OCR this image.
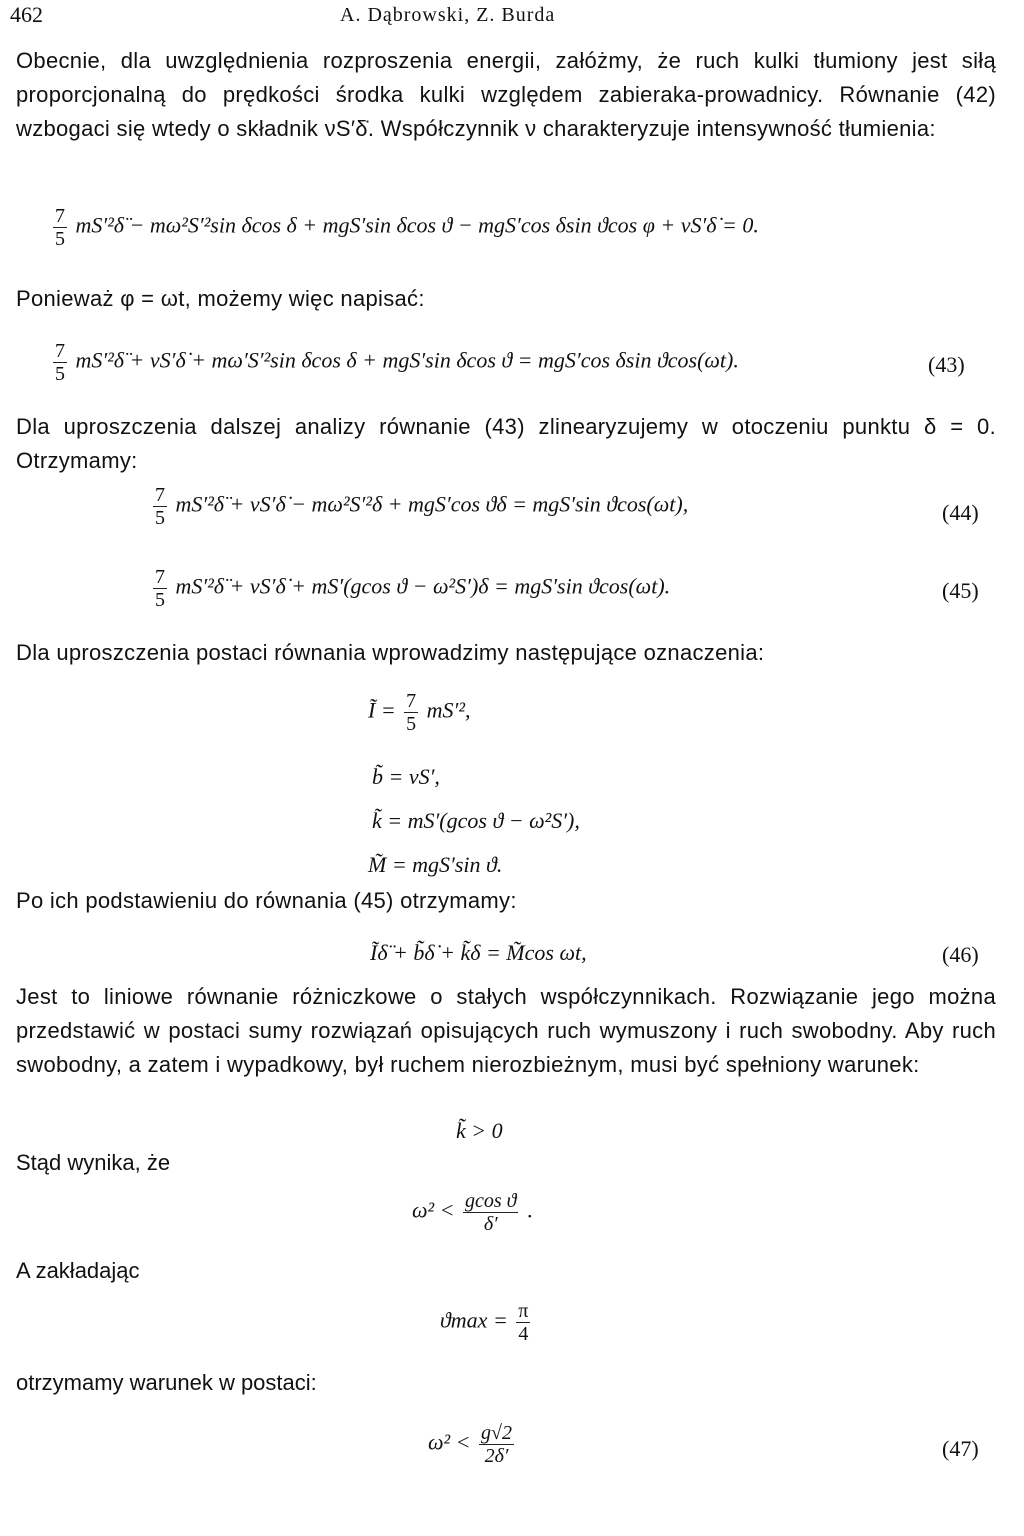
462	A. Dąbrowski, Z. Burda

Obecnie, dla uwzględnienia rozproszenia energii, załóżmy, że ruch kulki tłumiony jest siłą proporcjonalną do prędkości środka kulki względem zabieraka-prowadnicy. Równanie (42) wzbogaci się wtedy o składnik νS′δ̇. Współczynnik ν charakteryzuje intensywność tłumienia:

$\frac{7}{5}$ mS′²δ̈ − mω²S′²sin δcos δ + mgS′sin δcos ϑ − mgS′cos δsin ϑcos φ + νS′δ̇ = 0.

Ponieważ φ = ωt, możemy więc napisać:

$\frac{7}{5}$ mS′²δ̈ + νS′δ̇ + mω′S′²sin δcos δ + mgS′sin δcos ϑ = mgS′cos δsin ϑcos(ωt).	(43)

Dla uproszczenia dalszej analizy równanie (43) zlinearyzujemy w otoczeniu punktu δ = 0. Otrzymamy:

$\frac{7}{5}$ mS′²δ̈ + νS′δ̇ − mω²S′²δ + mgS′cos ϑδ = mgS′sin ϑcos(ωt),	(44)
$\frac{7}{5}$ mS′²δ̈ + νS′δ̇ + mS′(gcos ϑ − ω²S′)δ = mgS′sin ϑcos(ωt).	(45)

Dla uproszczenia postaci równania wprowadzimy następujące oznaczenia:

Ĩ = $\frac{7}{5} mS'^2$,
b̃ = νS′,
k̃ = mS′(gcos ϑ − ω²S′),
M̃ = mgS′sin ϑ.

Po ich podstawieniu do równania (45) otrzymamy:

Ĩδ̈ + b̃δ̇ + k̃δ = M̃cos ωt,	(46)

Jest to liniowe równanie różniczkowe o stałych współczynnikach. Rozwiązanie jego można przedstawić w postaci sumy rozwiązań opisujących ruch wymuszony i ruch swobodny. Aby ruch swobodny, a zatem i wypadkowy, był ruchem nierozbieżnym, musi być spełniony warunek:

k̃ > 0
Stąd wynika, że
$\omega^2 < \frac{\text{gcos ϑ}}{\delta'}$ .
A zakładając
$ϑ\max = \frac{\pi}{4}$
otrzymamy warunek w postaci:
$\omega^2 < \frac{g√2}{2\delta'}$	(47)
